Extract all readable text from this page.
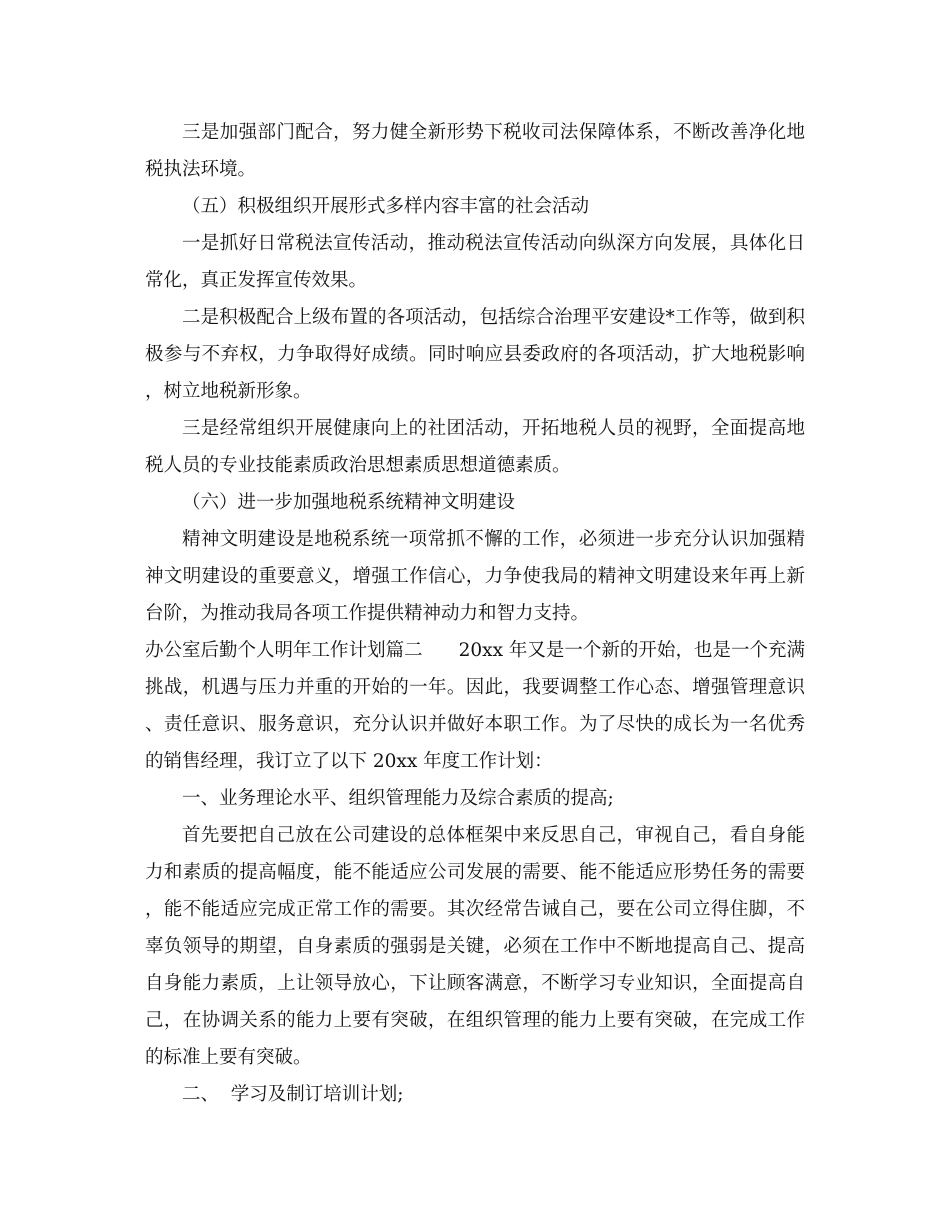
三是加强部门配合，努力健全新形势下税收司法保障体系，不断改善净化地税执法环境。

（五）积极组织开展形式多样内容丰富的社会活动

一是抓好日常税法宣传活动，推动税法宣传活动向纵深方向发展，具体化日常化，真正发挥宣传效果。

二是积极配合上级布置的各项活动，包括综合治理平安建设*工作等，做到积极参与不弃权，力争取得好成绩。同时响应县委政府的各项活动，扩大地税影响，树立地税新形象。

三是经常组织开展健康向上的社团活动，开拓地税人员的视野，全面提高地税人员的专业技能素质政治思想素质思想道德素质。

（六）进一步加强地税系统精神文明建设

精神文明建设是地税系统一项常抓不懈的工作，必须进一步充分认识加强精神文明建设的重要意义，增强工作信心，力争使我局的精神文明建设来年再上新台阶，为推动我局各项工作提供精神动力和智力支持。

办公室后勤个人明年工作计划篇二 20xx 年又是一个新的开始，也是一个充满挑战，机遇与压力并重的开始的一年。因此，我要调整工作心态、增强管理意识、责任意识、服务意识，充分认识并做好本职工作。为了尽快的成长为一名优秀的销售经理，我订立了以下 20xx 年度工作计划：

一、业务理论水平、组织管理能力及综合素质的提高;

首先要把自己放在公司建设的总体框架中来反思自己，审视自己，看自身能力和素质的提高幅度，能不能适应公司发展的需要、能不能适应形势任务的需要，能不能适应完成正常工作的需要。其次经常告诫自己，要在公司立得住脚，不辜负领导的期望，自身素质的强弱是关键，必须在工作中不断地提高自己、提高自身能力素质，上让领导放心，下让顾客满意，不断学习专业知识，全面提高自己，在协调关系的能力上要有突破，在组织管理的能力上要有突破，在完成工作的标准上要有突破。

二、  学习及制订培训计划;
